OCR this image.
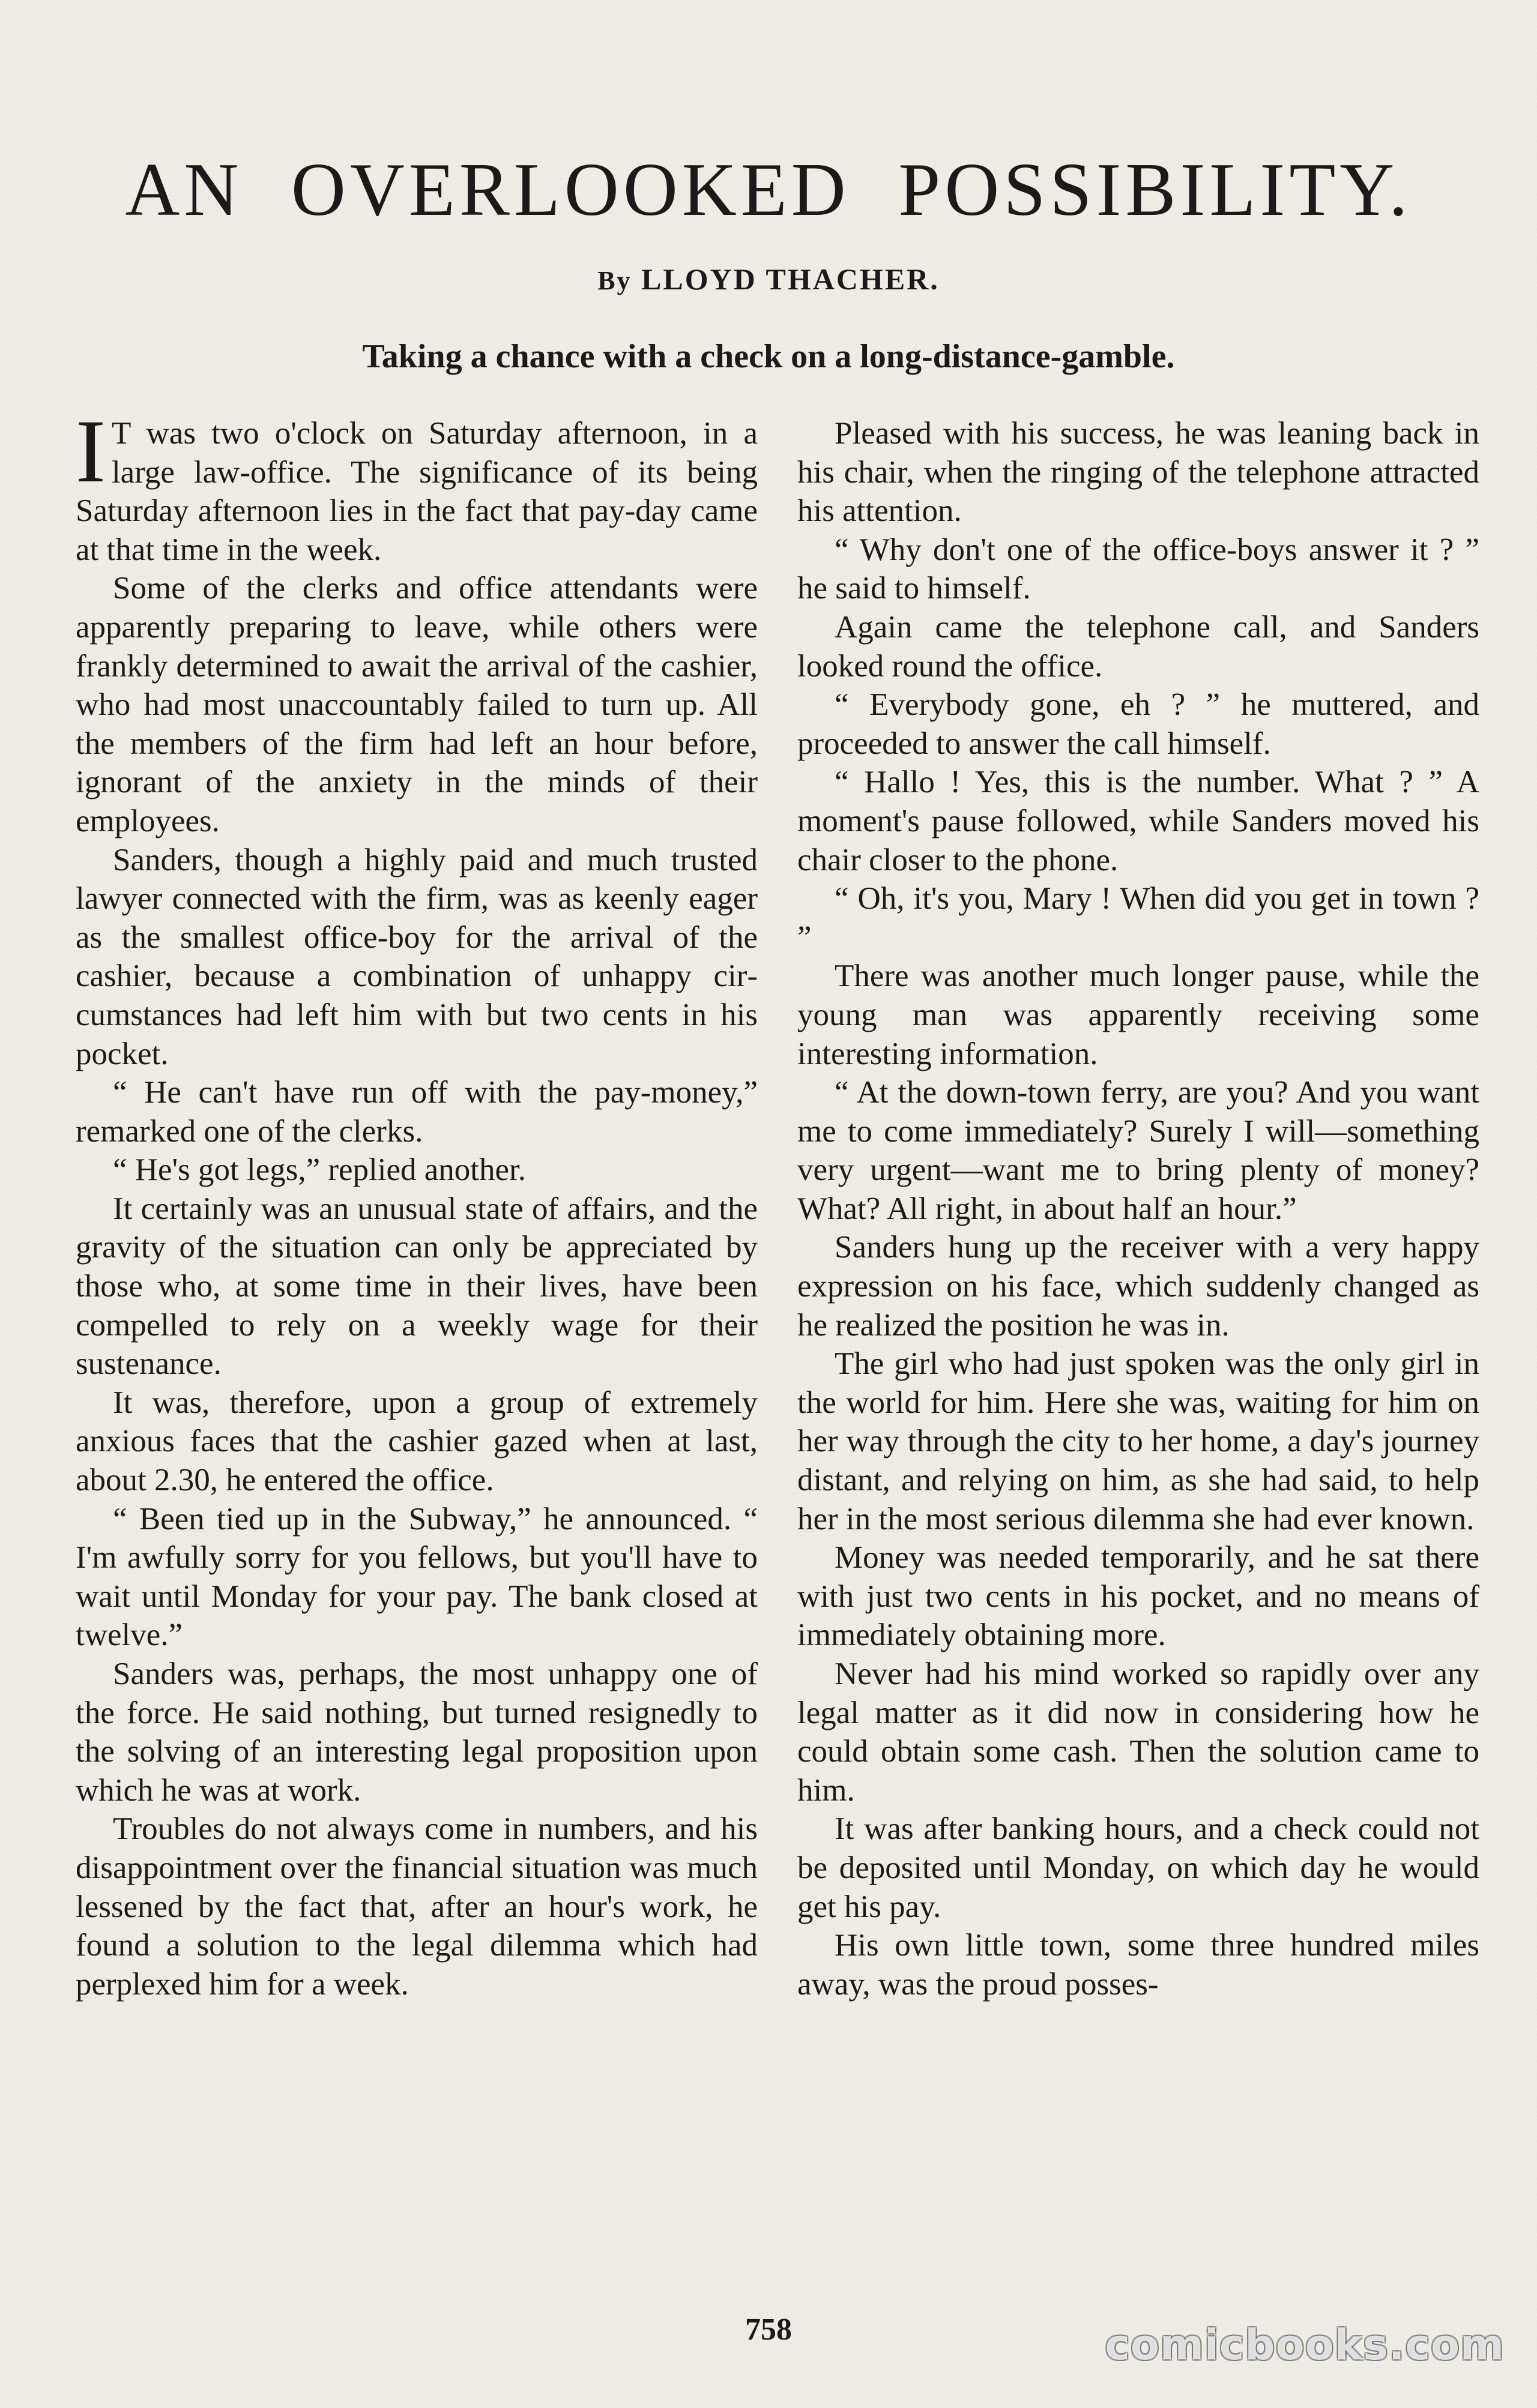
AN OVERLOOKED POSSIBILITY.
By LLOYD THACHER.
Taking a chance with a check on a long-distance-gamble.

I T was two o'clock on Saturday afternoon, in a large law-office. The significance of its being Saturday afternoon lies in the fact that pay-day came at that time in the week.

Some of the clerks and office attendants were apparently preparing to leave, while others were frankly determined to await the arrival of the cashier, who had most unaccountably failed to turn up. All the members of the firm had left an hour before, ignorant of the anxiety in the minds of their employees.

Sanders, though a highly paid and much trusted lawyer connected with the firm, was as keenly eager as the smallest office-boy for the arrival of the cashier, because a combination of unhappy circumstances had left him with but two cents in his pocket.

“ He can't have run off with the pay-money,” remarked one of the clerks.

“ He's got legs,” replied another.

It certainly was an unusual state of affairs, and the gravity of the situation can only be appreciated by those who, at some time in their lives, have been compelled to rely on a weekly wage for their sustenance.

It was, therefore, upon a group of extremely anxious faces that the cashier gazed when at last, about 2.30, he entered the office.

“ Been tied up in the Subway,” he announced. “ I'm awfully sorry for you fellows, but you'll have to wait until Monday for your pay. The bank closed at twelve.”

Sanders was, perhaps, the most unhappy one of the force. He said nothing, but turned resignedly to the solving of an interesting legal proposition upon which he was at work.

Troubles do not always come in numbers, and his disappointment over the financial situation was much lessened by the fact that, after an hour's work, he found a solution to the legal dilemma which had perplexed him for a week.

Pleased with his success, he was leaning back in his chair, when the ringing of the telephone attracted his attention.

“ Why don't one of the office-boys answer it ? ” he said to himself.

Again came the telephone call, and Sanders looked round the office.

“ Everybody gone, eh ? ” he muttered, and proceeded to answer the call himself.

“ Hallo ! Yes, this is the number. What ? ” A moment's pause followed, while Sanders moved his chair closer to the phone.

“ Oh, it's you, Mary ! When did you get in town ? ”

There was another much longer pause, while the young man was apparently receiving some interesting information.

“ At the down-town ferry, are you? And you want me to come immediately? Surely I will—something very urgent—want me to bring plenty of money? What? All right, in about half an hour.”

Sanders hung up the receiver with a very happy expression on his face, which suddenly changed as he realized the position he was in.

The girl who had just spoken was the only girl in the world for him. Here she was, waiting for him on her way through the city to her home, a day's journey distant, and relying on him, as she had said, to help her in the most serious dilemma she had ever known.

Money was needed temporarily, and he sat there with just two cents in his pocket, and no means of immediately obtaining more.

Never had his mind worked so rapidly over any legal matter as it did now in considering how he could obtain some cash. Then the solution came to him.

It was after banking hours, and a check could not be deposited until Monday, on which day he would get his pay.

His own little town, some three hundred miles away, was the proud posses-

758	comicbooks.com
